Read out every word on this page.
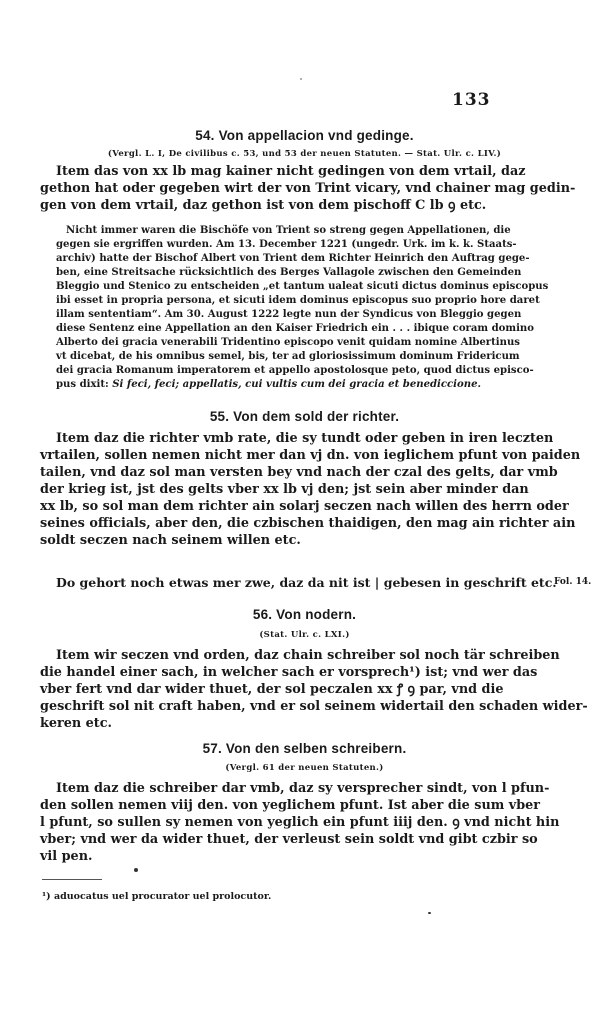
133
54. Von appellacion vnd gedinge.
(Vergl. L. I, De civilibus c. 53, und 53 der neuen Statuten. — Stat. Ulr. c. LIV.)
Item das von xx lb mag kainer nicht gedingen von dem vrtail, daz
gethon hat oder gegeben wirt der von Trint vicary, vnd chainer mag gedin-
gen von dem vrtail, daz gethon ist von dem pischoff C lb ꝯ etc.
Nicht immer waren die Bischöfe von Trient so streng gegen Appellationen, die
gegen sie ergriffen wurden. Am 13. December 1221 (ungedr. Urk. im k. k. Staats-
archiv) hatte der Bischof Albert von Trient dem Richter Heinrich den Auftrag gege-
ben, eine Streitsache rücksichtlich des Berges Vallagole zwischen den Gemeinden
Bleggio und Stenico zu entscheiden „et tantum ualeat sicuti dictus dominus episcopus
ibi esset in propria persona, et sicuti idem dominus episcopus suo proprio hore daret
illam sententiam“. Am 30. August 1222 legte nun der Syndicus von Bleggio gegen
diese Sentenz eine Appellation an den Kaiser Friedrich ein . . . ibique coram domino
Alberto dei gracia venerabili Tridentino episcopo venit quidam nomine Albertinus
vt dicebat, de his omnibus semel, bis, ter ad gloriosissimum dominum Fridericum
dei gracia Romanum imperatorem et appello apostolosque peto, quod dictus episco-
pus dixit: Si feci, feci; appellatis, cui vultis cum dei gracia et benediccione.
55. Von dem sold der richter.
Item daz die richter vmb rate, die sy tundt oder geben in iren leczten
vrtailen, sollen nemen nicht mer dan vj dn. von ieglichem pfunt von paiden
tailen, vnd daz sol man versten bey vnd nach der czal des gelts, dar vmb
der krieg ist, jst des gelts vber xx lb vj den; jst sein aber minder dan
xx lb, so sol man dem richter ain solarj seczen nach willen des herrn oder
seines officials, aber den, die czbischen thaidigen, den mag ain richter ain
soldt seczen nach seinem willen etc.
Do gehort noch etwas mer zwe, daz da nit ist | gebesen in geschrift etc.
Fol. 14.
56. Von nodern.
(Stat. Ulr. c. LXI.)
Item wir seczen vnd orden, daz chain schreiber sol noch tär schreiben
die handel einer sach, in welcher sach er vorsprech¹) ist; vnd wer das
vber fert vnd dar wider thuet, der sol peczalen xx ꝭ ꝯ par, vnd die
geschrift sol nit craft haben, vnd er sol seinem widertail den schaden wider-
keren etc.
57. Von den selben schreibern.
(Vergl. 61 der neuen Statuten.)
Item daz die schreiber dar vmb, daz sy versprecher sindt, von l pfun-
den sollen nemen viij den. von yeglichem pfunt. Ist aber die sum vber
l pfunt, so sullen sy nemen von yeglich ein pfunt iiij den. ꝯ vnd nicht hin
vber; vnd wer da wider thuet, der verleust sein soldt vnd gibt czbir so
vil pen.
¹) aduocatus uel procurator uel prolocutor.
